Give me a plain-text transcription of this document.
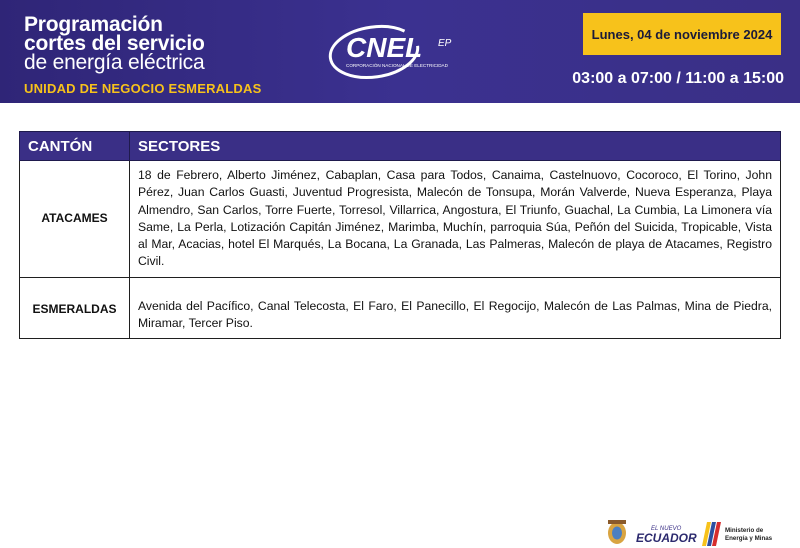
Programación
cortes del servicio
de energía eléctrica
UNIDAD DE NEGOCIO ESMERALDAS
CNEL EP
CORPORACIÓN NACIONAL DE ELECTRICIDAD
Lunes, 04 de noviembre 2024
03:00 a 07:00 / 11:00 a 15:00
CANTÓN	SECTORES
ATACAMES	18 de Febrero, Alberto Jiménez, Cabaplan, Casa para Todos, Canaima, Castelnuovo, Cocoroco, El Torino, John Pérez, Juan Carlos Guasti, Juventud Progresista, Malecón de Tonsupa, Morán Valverde, Nueva Esperanza, Playa Almendro, San Carlos, Torre Fuerte, Torresol, Villarrica, Angostura, El Triunfo, Guachal, La Cumbia, La Limonera vía Same, La Perla, Lotización Capitán Jiménez, Marimba, Muchín, parroquia Súa, Peñón del Suicida, Tropicable, Vista al Mar, Acacias, hotel El Marqués, La Bocana, La Granada, Las Palmeras, Malecón de playa de Atacames, Registro Civil.
ESMERALDAS	Avenida del Pacífico, Canal Telecosta, El Faro, El Panecillo, El Regocijo, Malecón de Las Palmas, Mina de Piedra, Miramar, Tercer Piso.
EL NUEVO
ECUADOR
Ministerio de
Energía y Minas
